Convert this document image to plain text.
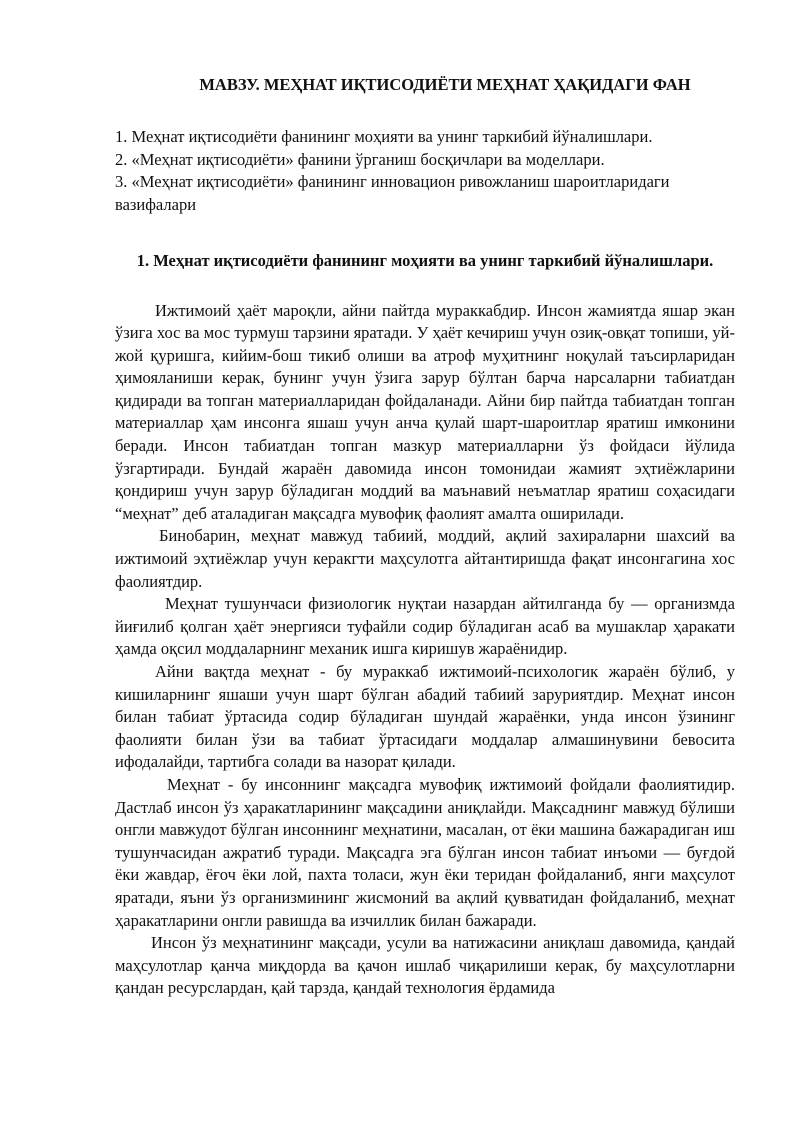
МАВЗУ. МЕҲНАТ ИҚТИСОДИЁТИ МЕҲНАТ ҲАҚИДАГИ ФАН
1. Меҳнат иқтисодиёти фанининг моҳияти ва унинг таркибий йўналишлари.
2. «Меҳнат иқтисодиёти» фанини ўрганиш босқичлари ва моделлари.
3. «Меҳнат иқтисодиёти» фанининг инновацион ривожланиш шароитларидаги вазифалари
1. Меҳнат иқтисодиёти фанининг моҳияти ва унинг таркибий йўналишлари.

Ижтимоий ҳаёт мароқли, айни пайтда мураккабдир. Инсон жамиятда яшар экан ўзига хос ва мос турмуш тарзини яратади. У ҳаёт кечириш учун озиқ-овқат топиши, уй-жой қуришга, кийим-бош тикиб олиши ва атроф муҳитнинг ноқулай таъсирларидан ҳимояланиши керак, бунинг учун ўзига зарур бўлтан барча нарсаларни табиатдан қидиради ва топган материалларидан фойдаланади. Айни бир пайтда табиатдан топган материаллар ҳам инсонга яшаш учун анча қулай шарт-шароитлар яратиш имконини беради. Инсон табиатдан топган мазкур материалларни ўз фойдаси йўлида ўзгартиради. Бундай жараён давомида инсон томонидаи жамият эҳтиёжларини қондириш учун зарур бўладиган моддий ва маънавий неъматлар яратиш соҳасидаги “меҳнат” деб аталадиган мақсадга мувофиқ фаолият амалта оширилади.

Бинобарин, меҳнат мавжуд табиий, моддий, ақлий захираларни шахсий ва ижтимоий эҳтиёжлар учун керакгти маҳсулотга айтантиришда фақат инсонгагина хос фаолиятдир.

Меҳнат тушунчаси физиологик нуқтаи назардан айтилганда бу — организмда йиғилиб қолган ҳаёт энергияси туфайли содир бўладиган асаб ва мушаклар ҳаракати ҳамда оқсил моддаларнинг механик ишга киришув жараёнидир.

Айни вақтда меҳнат - бу мураккаб ижтимоий-психологик жараён бўлиб, у кишиларнинг яшаши учун шарт бўлган абадий табиий заруриятдир. Меҳнат инсон билан табиат ўртасида содир бўладиган шундай жараёнки, унда инсон ўзининг фаолияти билан ўзи ва табиат ўртасидаги моддалар алмашинувини бевосита ифодалайди, тартибга солади ва назорат қилади.

Меҳнат - бу инсоннинг мақсадга мувофиқ ижтимоий фойдали фаолиятидир. Дастлаб инсон ўз ҳаракатларининг мақсадини аниқлайди. Мақсаднинг мавжуд бўлиши онгли мавжудот бўлган инсоннинг меҳнатини, масалан, от ёки машина бажарадиган иш тушунчасидан ажратиб туради. Мақсадга эга бўлган инсон табиат инъоми — буғдой ёки жавдар, ёғоч ёки лой, пахта толаси, жун ёки теридан фойдаланиб, янги маҳсулот яратади, яъни ўз организмининг жисмоний ва ақлий қувватидан фойдаланиб, меҳнат ҳаракатларини онгли равишда ва изчиллик билан бажаради.

Инсон ўз меҳнатининг мақсади, усули ва натижасини аниқлаш давомида, қандай маҳсулотлар қанча миқдорда ва қачон ишлаб чиқарилиши керак, бу маҳсулотларни қандан ресурслардан, қай тарзда, қандай технология ёрдамида
